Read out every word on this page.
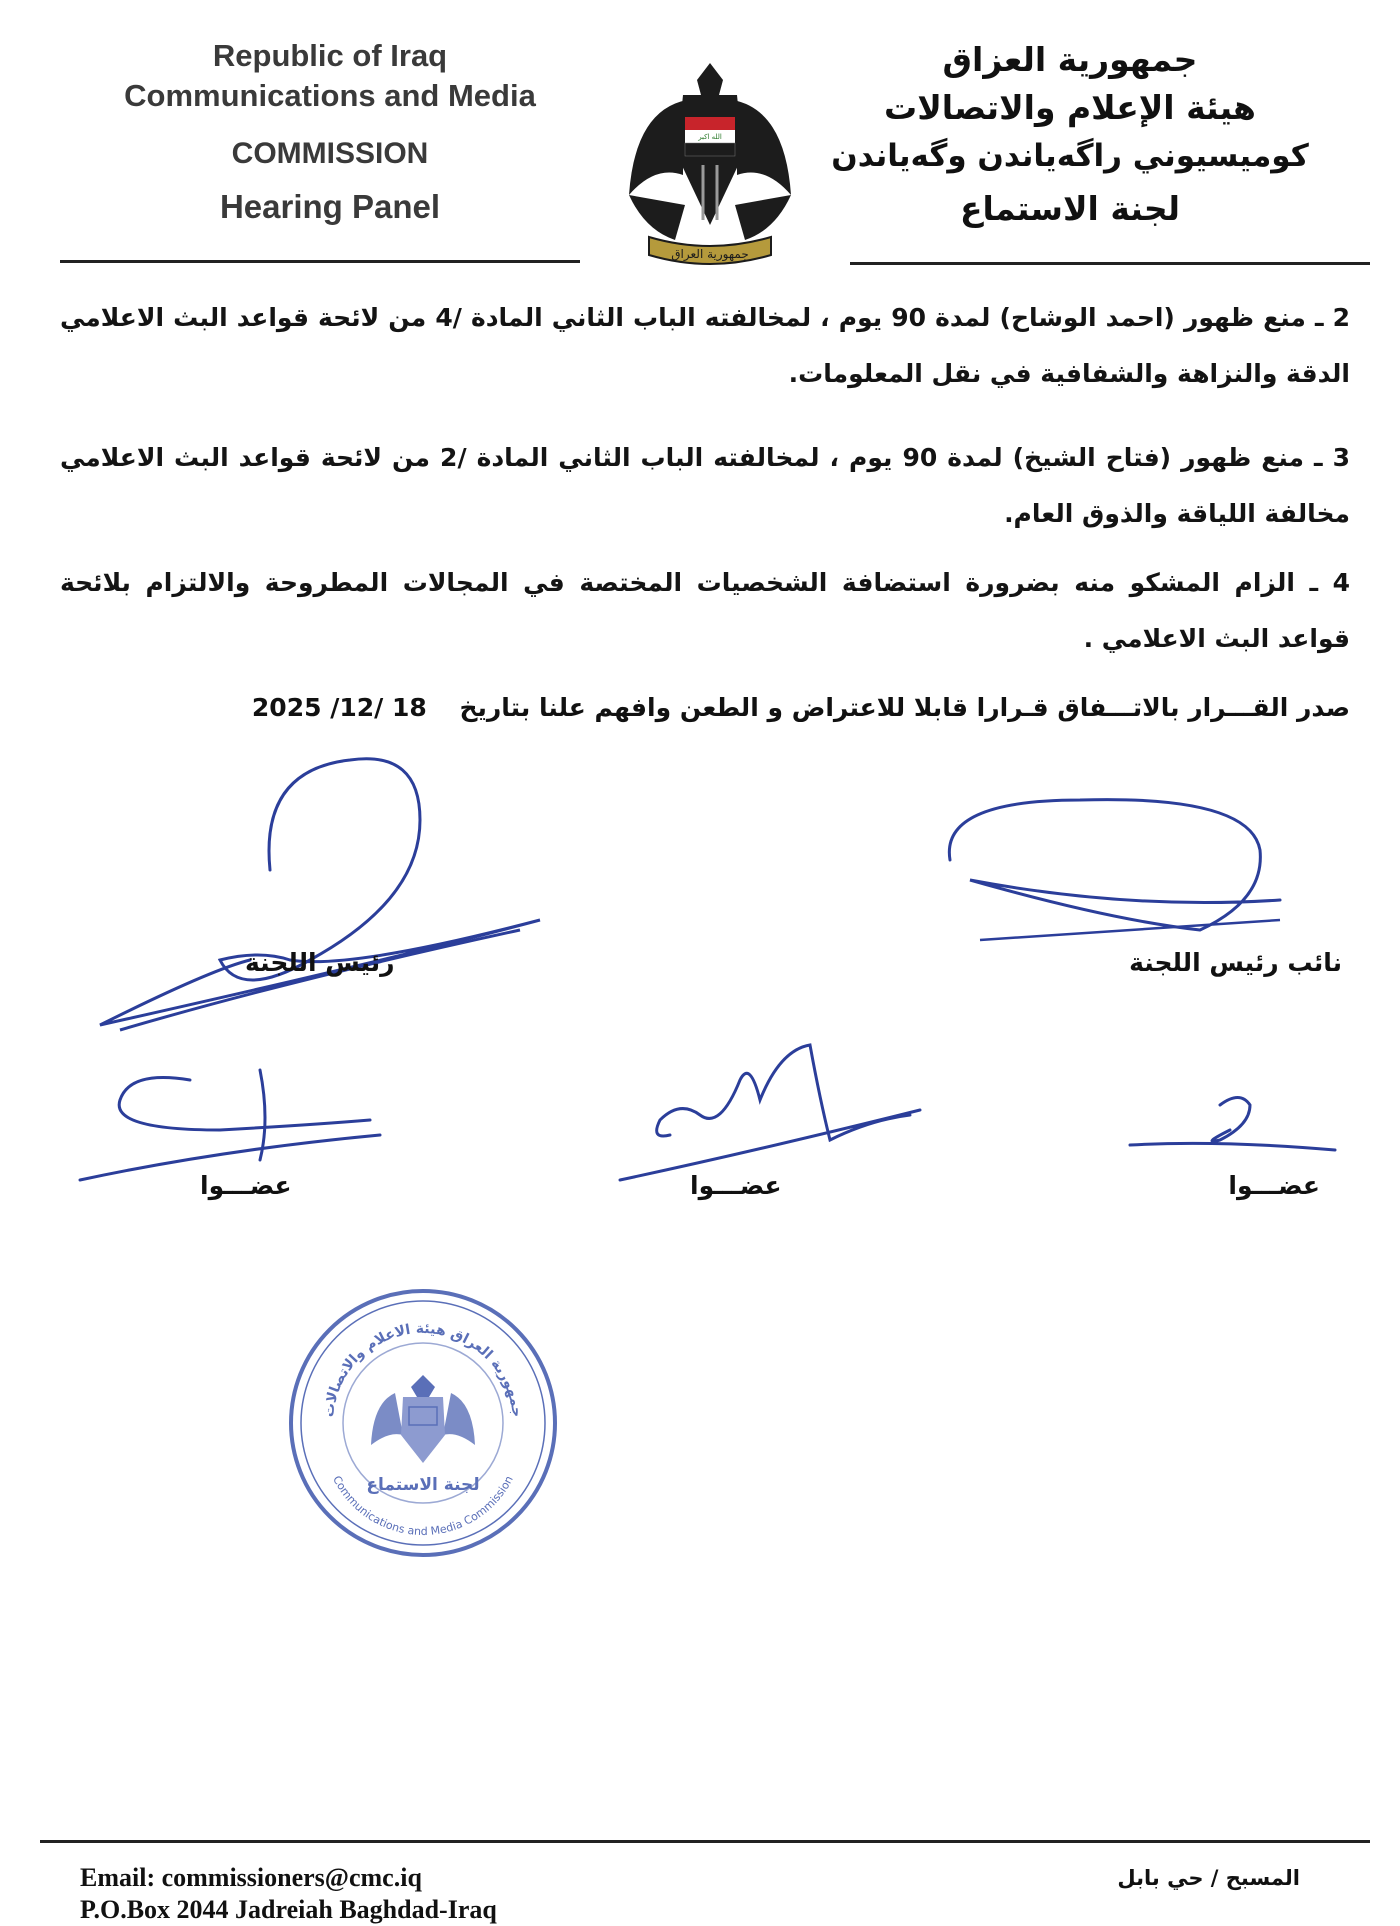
Republic of Iraq
Communications and Media
COMMISSION
Hearing Panel
الله اكبر
جمهورية العراق
جمهورية العزاق
هيئة الإعلام والاتصالات
كوميسيوني راگەياندن وگەياندن
لجنة الاستماع
2 ـ منع ظهور (احمد الوشاح) لمدة 90 يوم ، لمخالفته الباب الثاني المادة /4 من لائحة قواعد البث الاعلامي الدقة والنزاهة والشفافية في نقل المعلومات.
3 ـ منع ظهور (فتاح الشيخ) لمدة 90 يوم ، لمخالفته الباب الثاني المادة /2 من لائحة قواعد البث الاعلامي مخالفة اللياقة والذوق العام.
4 ـ الزام المشكو منه بضرورة استضافة الشخصيات المختصة في المجالات المطروحة والالتزام بلائحة قواعد البث الاعلامي .
صدر القـــرار بالاتـــفاق قـرارا قابلا للاعتراض و الطعن وافهم علنا بتاريخ 18 /12/ 2025
رئيس اللجنة	نائب رئيس اللجنة
عضـــوا	عضـــوا	عضـــوا
جمهورية العراق هيئة الاعلام والاتصالات
Communications and Media Commission
لجنة الاستماع
Email: commissioners@cmc.iq
P.O.Box 2044 Jadreiah Baghdad-Iraq
المسبح / حي بابل
